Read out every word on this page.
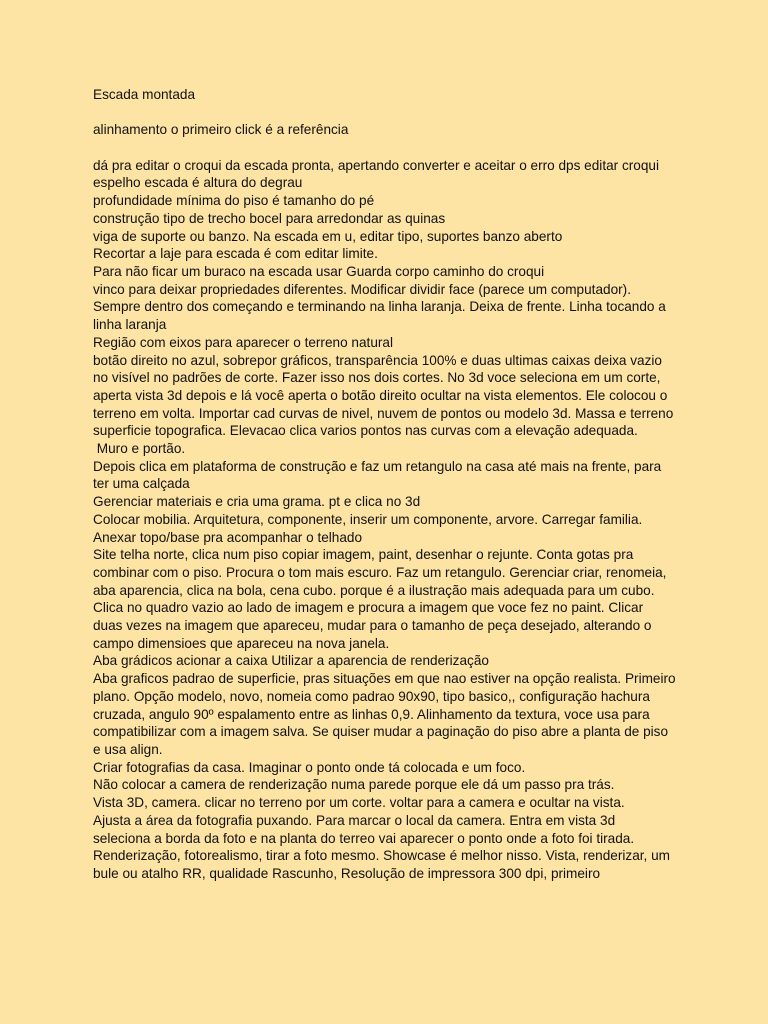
Escada montada

alinhamento o primeiro click é a referência

dá pra editar o croqui da escada pronta, apertando converter e aceitar o erro dps editar croqui

espelho escada é altura do degrau

profundidade mínima do piso é tamanho do pé

construção tipo de trecho bocel para arredondar as quinas

viga de suporte ou banzo. Na escada em u, editar tipo, suportes banzo aberto

Recortar a laje para escada é com editar limite.

Para não ficar um buraco na escada usar Guarda corpo caminho do croqui

vinco para deixar propriedades diferentes. Modificar dividir face (parece um computador). Sempre dentro dos começando e terminando na linha laranja. Deixa de frente. Linha tocando a linha laranja

Região com eixos para aparecer o terreno natural

botão direito no azul, sobrepor gráficos, transparência 100% e duas ultimas caixas deixa vazio no visível no padrões de corte. Fazer isso nos dois cortes. No 3d voce seleciona em um corte, aperta vista 3d depois e lá você aperta o botão direito ocultar na vista elementos. Ele colocou o terreno em volta. Importar cad curvas de nivel, nuvem de pontos ou modelo 3d. Massa e terreno superficie topografica. Elevacao clica varios pontos nas curvas com a elevação adequada.

Muro e portão.

Depois clica em plataforma de construção e faz um retangulo na casa até mais na frente, para ter uma calçada

Gerenciar materiais e cria uma grama. pt e clica no 3d

Colocar mobilia. Arquitetura, componente, inserir um componente, arvore. Carregar familia.

Anexar topo/base pra acompanhar o telhado

Site telha norte, clica num piso copiar imagem, paint, desenhar o rejunte. Conta gotas pra combinar com o piso. Procura o tom mais escuro. Faz um retangulo. Gerenciar criar, renomeia, aba aparencia, clica na bola, cena cubo. porque é a ilustração mais adequada para um cubo. Clica no quadro vazio ao lado de imagem e procura a imagem que voce fez no paint. Clicar duas vezes na imagem que apareceu, mudar para o tamanho de peça desejado, alterando o campo dimensioes que apareceu na nova janela.

Aba grádicos acionar a caixa Utilizar a aparencia de renderização

Aba graficos padrao de superficie, pras situações em que nao estiver na opção realista. Primeiro plano. Opção modelo, novo, nomeia como padrao 90x90, tipo basico,, configuração hachura cruzada, angulo 90º espalamento entre as linhas 0,9. Alinhamento da textura, voce usa para compatibilizar com a imagem salva. Se quiser mudar a paginação do piso abre a planta de piso e usa align.

Criar fotografias da casa. Imaginar o ponto onde tá colocada e um foco.

Não colocar a camera de renderização numa parede porque ele dá um passo pra trás.

Vista 3D, camera. clicar no terreno por um corte. voltar para a camera e ocultar na vista.

Ajusta a área da fotografia puxando. Para marcar o local da camera. Entra em vista 3d seleciona a borda da foto e na planta do terreo vai aparecer o ponto onde a foto foi tirada.

Renderização, fotorealismo, tirar a foto mesmo. Showcase é melhor nisso. Vista, renderizar, um bule ou atalho RR, qualidade Rascunho, Resolução de impressora 300 dpi, primeiro
